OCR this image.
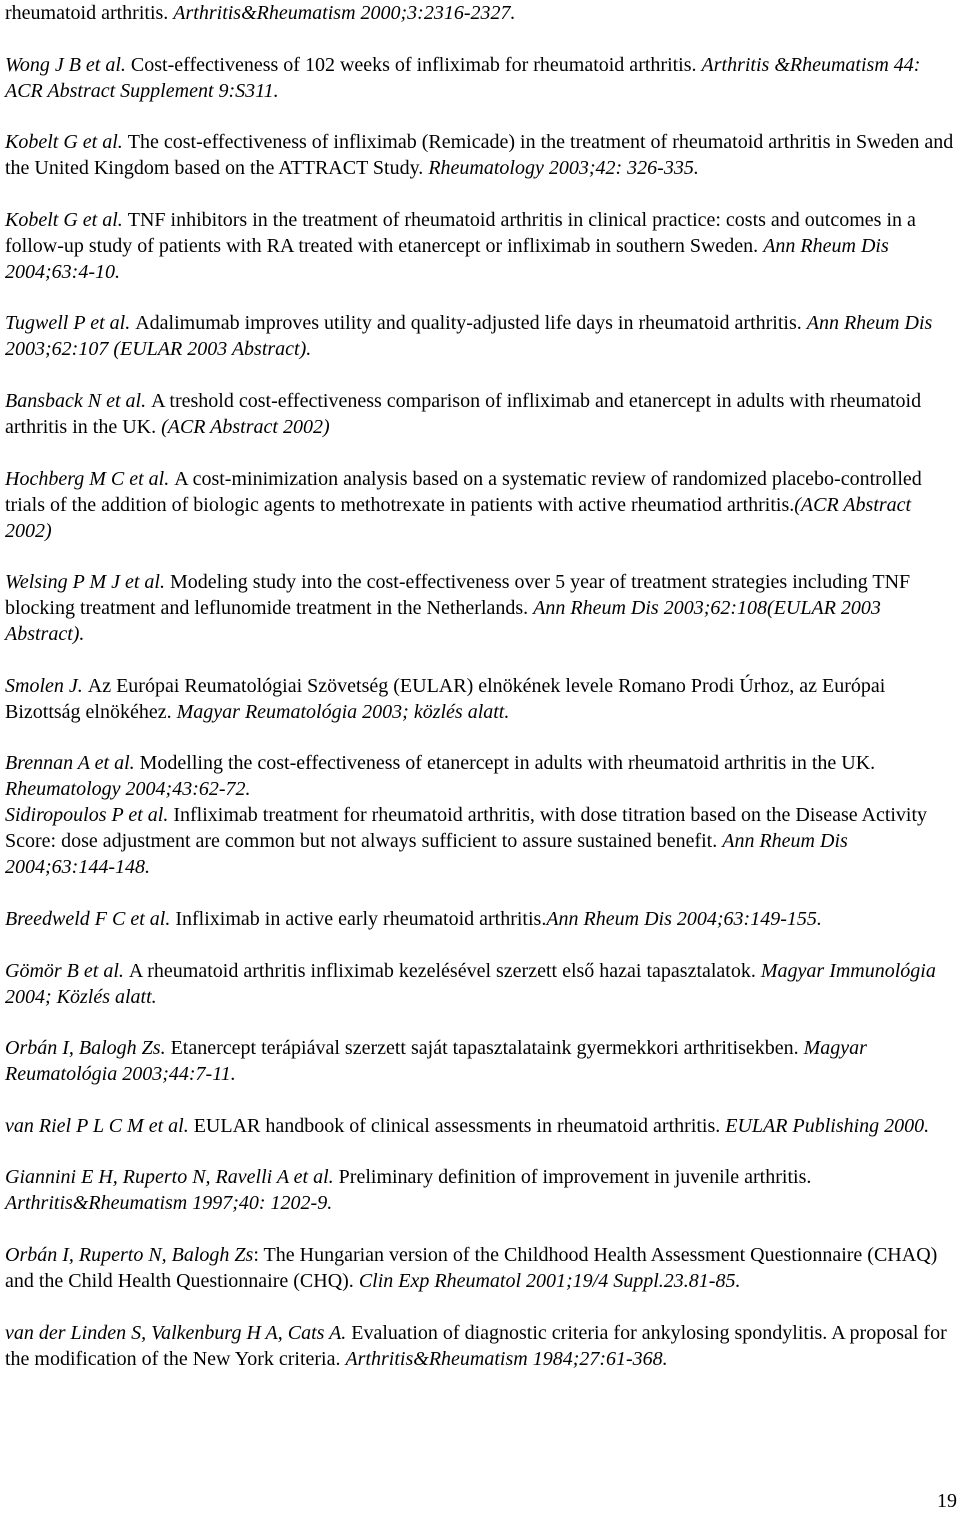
rheumatoid arthritis. Arthritis&Rheumatism 2000;3:2316-2327.

Wong J B et al. Cost-effectiveness of 102 weeks of infliximab for rheumatoid arthritis. Arthritis &Rheumatism 44: ACR Abstract Supplement 9:S311.

Kobelt G et al. The cost-effectiveness of infliximab (Remicade) in the treatment of rheumatoid arthritis in Sweden and the United Kingdom based on the ATTRACT Study. Rheumatology 2003;42: 326-335.

Kobelt G et al. TNF inhibitors in the treatment of rheumatoid arthritis in clinical practice: costs and outcomes in a follow-up study of patients with RA treated with etanercept or infliximab in southern Sweden. Ann Rheum Dis 2004;63:4-10.

Tugwell P et al. Adalimumab improves utility and quality-adjusted life days in rheumatoid arthritis. Ann Rheum Dis 2003;62:107 (EULAR 2003 Abstract).

Bansback N et al. A treshold cost-effectiveness comparison of infliximab and etanercept in adults with rheumatoid arthritis in the UK. (ACR Abstract 2002)

Hochberg M C et al. A cost-minimization analysis based on a systematic review of randomized placebo-controlled trials of the addition of biologic agents to methotrexate in patients with active rheumatiod arthritis.(ACR Abstract 2002)

Welsing P M J et al. Modeling study into the cost-effectiveness over 5 year of treatment strategies including TNF blocking treatment and leflunomide treatment in the Netherlands. Ann Rheum Dis 2003;62:108(EULAR 2003 Abstract).

Smolen J. Az Európai Reumatológiai Szövetség (EULAR) elnökének levele Romano Prodi Úrhoz, az Európai Bizottság elnökéhez. Magyar Reumatológia 2003; közlés alatt.

Brennan A et al. Modelling the cost-effectiveness of etanercept in adults with rheumatoid arthritis in the UK. Rheumatology 2004;43:62-72.

Sidiropoulos P et al. Infliximab treatment for rheumatoid arthritis, with dose titration based on the Disease Activity Score: dose adjustment are common but not always sufficient to assure sustained benefit. Ann Rheum Dis 2004;63:144-148.

Breedweld F C et al. Infliximab in active early rheumatoid arthritis.Ann Rheum Dis 2004;63:149-155.

Gömör B et al. A rheumatoid arthritis infliximab kezelésével szerzett első hazai tapasztalatok. Magyar Immunológia 2004; Közlés alatt.

Orbán I, Balogh Zs. Etanercept terápiával szerzett saját tapasztalataink gyermekkori arthritisekben. Magyar Reumatológia 2003;44:7-11.

van Riel P L C M et al. EULAR handbook of clinical assessments in rheumatoid arthritis. EULAR Publishing 2000.

Giannini E H, Ruperto N, Ravelli A et al. Preliminary definition of improvement in juvenile arthritis. Arthritis&Rheumatism 1997;40: 1202-9.

Orbán I, Ruperto N, Balogh Zs: The Hungarian version of the Childhood Health Assessment Questionnaire (CHAQ) and the Child Health Questionnaire (CHQ). Clin Exp Rheumatol 2001;19/4 Suppl.23.81-85.

van der Linden S, Valkenburg H A, Cats A. Evaluation of diagnostic criteria for ankylosing spondylitis. A proposal for the modification of the New York criteria. Arthritis&Rheumatism 1984;27:61-368.

19
